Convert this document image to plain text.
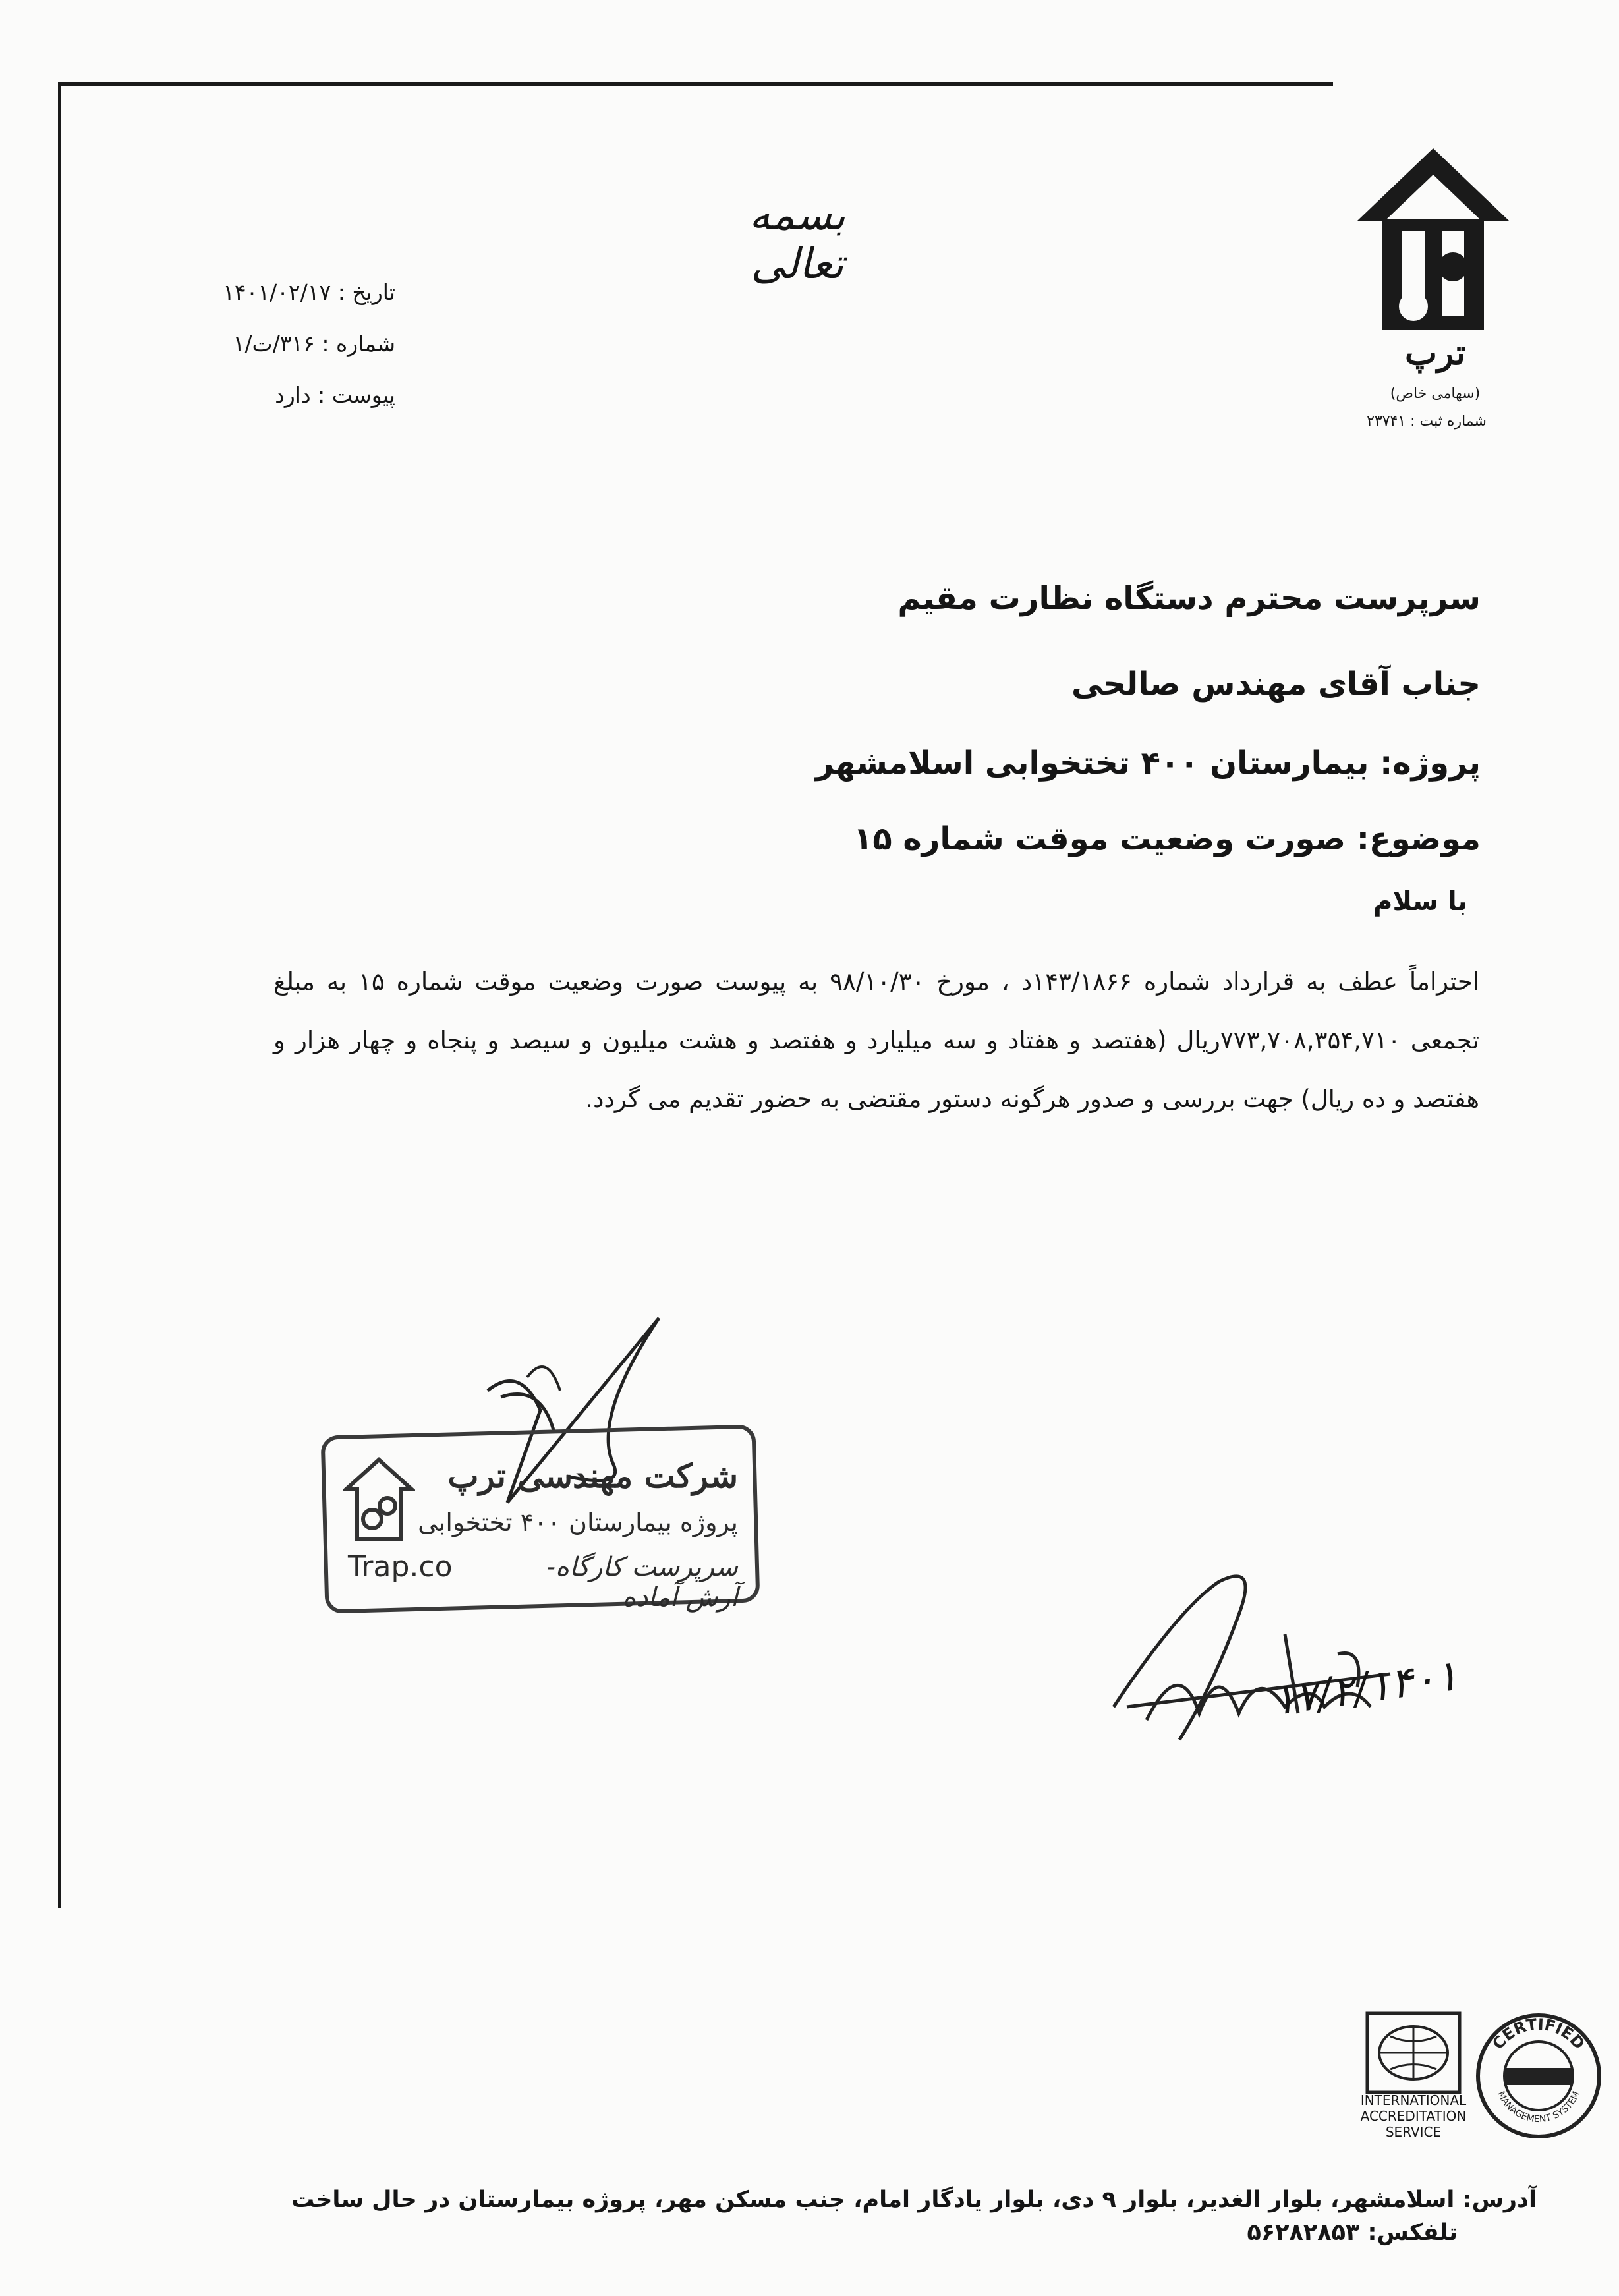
بسمه تعالی
تاریخ : ۱۴۰۱/۰۲/۱۷
شماره : ۳۱۶/ت/۱
پیوست : دارد
ترپ
(سهامی خاص)
شماره ثبت : ۲۳۷۴۱
سرپرست محترم دستگاه نظارت مقیم
جناب آقای مهندس صالحی
پروژه: بیمارستان ۴۰۰ تختخوابی اسلامشهر
موضوع: صورت وضعیت موقت شماره ۱۵
با سلام
احتراماً عطف به قرارداد شماره ۱۴۳/۱۸۶۶د ، مورخ ۹۸/۱۰/۳۰ به پیوست صورت وضعیت موقت شماره ۱۵ به مبلغ تجمعی ۷۷۳,۷۰۸,۳۵۴,۷۱۰ریال (هفتصد و هفتاد و سه میلیارد و هفتصد و هشت میلیون و سیصد و پنجاه و چهار هزار و هفتصد و ده ریال) جهت بررسی و صدور هرگونه دستور مقتضی به حضور تقدیم می گردد.
شرکت مهندسی ترپ
پروژه بیمارستان ۴۰۰ تختخوابی
سرپرست کارگاه- آرش آماده
Trap.co
۱۷/۲/۱۴۰۱
INTERNATIONAL ACCREDITATION SERVICE
CERTIFIED
MANAGEMENT SYSTEM
آدرس: اسلامشهر، بلوار الغدیر، بلوار ۹ دی، بلوار یادگار امام، جنب مسکن مهر، پروژه بیمارستان در حال ساخت
تلفکس: ۵۶۲۸۲۸۵۳
